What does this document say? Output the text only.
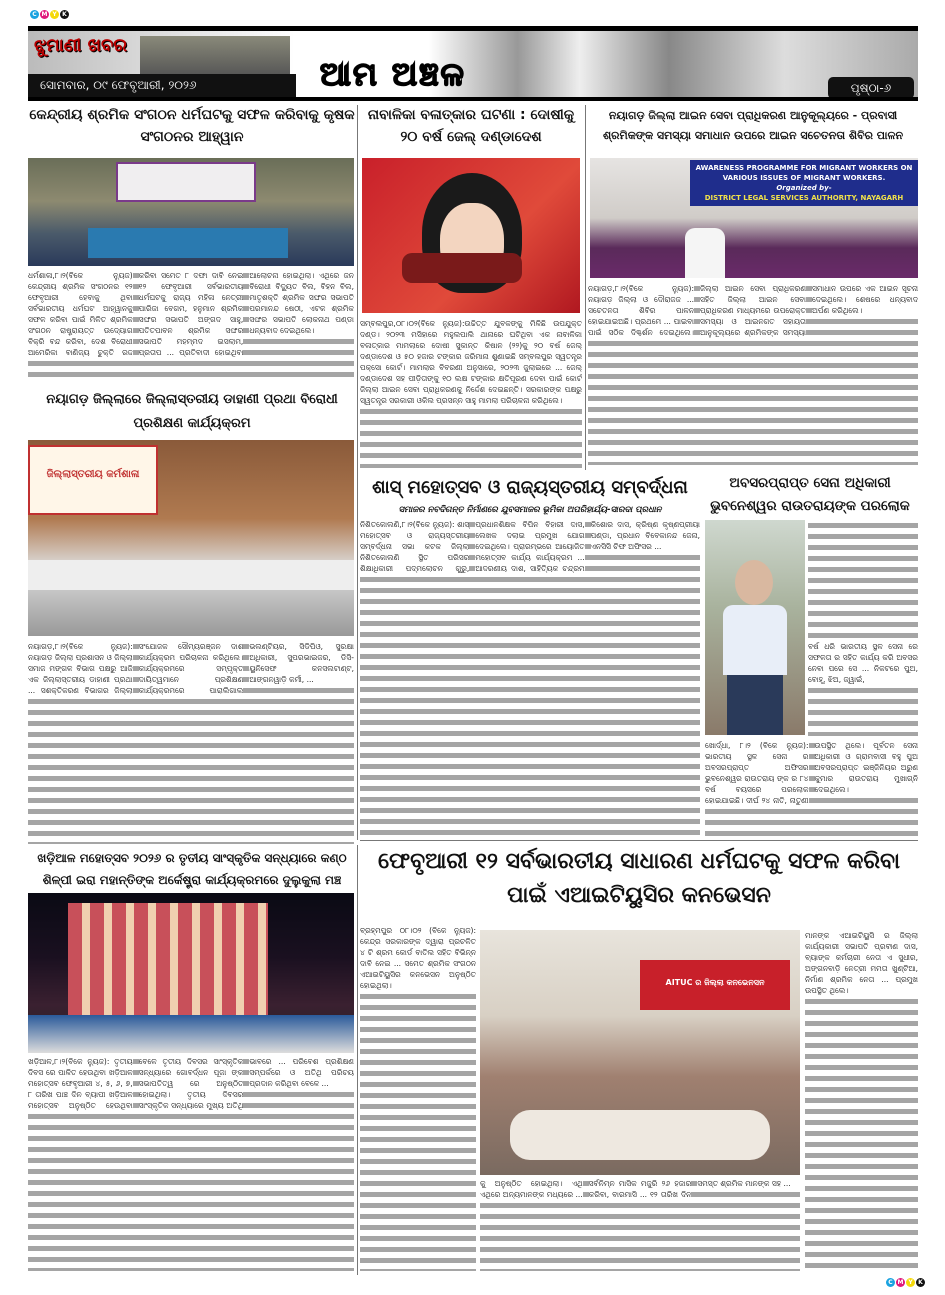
C M Y K
C M Y K
ଝୁମାଣୀ ଖବର
ସୋମବାର, ୦୯ ଫେବୃଆରୀ, ୨୦୨୬	ଆମ ଅଞ୍ଚଳ	ପୃଷ୍ଠା-୬
କେନ୍ଦ୍ରୀୟ ଶ୍ରମିକ ସଂଗଠନ ଧର୍ମଘଟକୁ ସଫଳ କରିବାକୁ କୃଷକ ସଂଗଠନର ଆହ୍ୱାନ

ଧର୍ମଶାଳା,୮।୨(ବିକେ ନ୍ୟୁଜ) କେନ୍ଦ୍ରୀୟ ଶ୍ରମିକ ସଂଗଠନର ୧୨ ଫେବୃଆରୀ ହେବାକୁ ଥିବା ସର୍ବଭାରତୀୟ ଧର୍ମଘଟ ଆହ୍ୱାନକୁ ସଫଳ କରିବା ପାଇଁ ମିଳିତ ଶ୍ରମିକ ସଂଗଠନ ରାଷ୍ଟ୍ରାୟତ୍ତ ଉଦ୍ୟୋଗ ବିକ୍ରି ବନ୍ଦ କରିବା, ଦେଶ ବିରୋଧୀ ଆମେରିକା ବାଣିଜ୍ୟ ଚୁକ୍ତି ରଦ୍ଦ କରିବା ସମେତ ୮ ଦଫା ଦାବି ନେଇ ୧୨ ଫେବୃଆରୀ ସର୍ବଭାରତୀୟ ଧର୍ମଘଟକୁ ରାଜ୍ୟ ମହିଳା ନେତ୍ରୀ ପାରିଜା ବେଗମ, ହନୁମାନ ଶ୍ରମିକ ସଙ୍ଘର ସଭାପତି ଅଙ୍ଗଦ ସାହୁ, ପତିତପାବନ ଶ୍ରମିକ ସଙ୍ଘର ସଭାପତି ମହମ୍ମଦ ଇସଲାମ, ପ୍ରତାପ ... ପ୍ରତିବାଦୀ ହୋଇଥିବା ଆଲୋଚନା ହୋଇଥିଲା। ଏଥିରେ ଜନ ବିରୋଧୀ ବିଦ୍ୟୁତ ବିଲ, ବିହନ ବିଲ, ମାତୃଶକ୍ତି ଶ୍ରମିକ ସଙ୍ଘର ସଭାପତି ପରମାନନ୍ଦ ଷେଠୀ, ଏଟକ ଶ୍ରମିକ ସଙ୍ଘର ସଭାପତି ଲୋକନାଥ ପଣ୍ଡା ଧନ୍ୟବାଦ ଦେଇଥିଲେ।

ନୟାଗଡ଼ ଜିଲ୍ଲାରେ ଜିଲ୍ଲାସ୍ତରୀୟ ଡାହାଣୀ ପ୍ରଥା ବିରୋଧୀ ପ୍ରଶିକ୍ଷଣ କାର୍ଯ୍ୟକ୍ରମ
ଜିଲ୍ଲାସ୍ତରୀୟ କର୍ମଶାଳା

ନୟାଗଡ଼,୮।୨(ବିକେ ନ୍ୟୁଜ): ନୟାଗଡ଼ ଜିଲ୍ଲା ପ୍ରଶାସନ ଓ ଜିଲ୍ଲା ସମାଜ ମଙ୍ଗଳ ବିଭାଗ ପକ୍ଷରୁ ଆଜି ଏକ ଜିଲ୍ଲାସ୍ତରୀୟ ଡାହାଣୀ ପ୍ରଥା ... ସଶକ୍ତିକରଣ ବିଭାଗର ଜିଲ୍ଲା ସଂଯୋଜକ ସୌମ୍ୟରଞ୍ଜନ ଦାଶ କାର୍ଯ୍ୟକ୍ରମ ପରିଚାଳନା କରିଥିଲେ। କାର୍ଯ୍ୟକ୍ରମରେ ସମ୍ପୃକ୍ତ ଦାୟିତ୍ୱମାନେ ପ୍ରଶିକ୍ଷଣ କାର୍ଯ୍ୟକ୍ରମରେ ପାରାଲିଗାଲ ଭଲଣ୍ଟିୟର, ସିଡିପିଓ, ସୁରକ୍ଷା ଅଧିକାରୀ, ସୁପରଭାଇଜର, ଡିସି-ୟୁନିସେଫ କନସଲଟାଣ୍ଟ, ଆଙ୍ଗନୱାଡ଼ି କର୍ମୀ, ...

ଖଡ଼ିଆଳ ମହୋତ୍ସବ ୨୦୨୬ ର ତୃତୀୟ ସାଂସ୍କୃତିକ ସନ୍ଧ୍ୟାରେ କଣ୍ଠ ଶିଳ୍ପୀ ଇରା ମହାନ୍ତିଙ୍କ ଅର୍କେଷ୍ଟ୍ରା କାର୍ଯ୍ୟକ୍ରମରେ ଦୁଲୁକୁଲା ମଞ୍ଚ

ଖଡ଼ିଆଳ,୮।୨(ବିକେ ନ୍ୟୁଜ): ତୃତୀୟ ଦିବସ ରେ ପାଳିତ ହେଉଥିବା ଖଡ଼ିଆଳ ମହୋତ୍ସବ ଫେବୃଆରୀ ୪, ୫, ୬, ୭, ୮ ତାରିଖ ପାଞ୍ଚ ଦିନ ବ୍ୟାପୀ ଖଡ଼ିଆଳ ମହୋତ୍ସବ ଅନୁଷ୍ଠିତ ହେଉଥିବା ବେଳେ ତୃତୀୟ ଦିବସର ସାଂସ୍କୃତିକ ସନ୍ଧ୍ୟାରେ ଗୋବର୍ଦ୍ଧନ ପୂଜା ଙ୍କ ସଭାପତିତ୍ୱ ରେ ଅନୁଷ୍ଠିତ ହୋଇଥିଲା। ତୃତୀୟ ଦିବସର ସାଂସ୍କୃତିକ ସନ୍ଧ୍ୟାରେ ମୁଖ୍ୟ ଅତିଥି ଭାବରେ ... ପରିବେଶ ପ୍ରଶିକ୍ଷଣ ସମ୍ପର୍କରେ ଓ ଅତିଥି ପରିଚୟ ପ୍ରଦାନ କରିଥିବା ବେଳେ ...

ନାବାଳିକା ବଳାତ୍କାର ଘଟଣା : ଦୋଷୀକୁ ୨୦ ବର୍ଷ ଜେଲ୍ ଦଣ୍ଡାଦେଶ

ସମ୍ବଲପୁର,୦୮।୦୨(ବିକେ ନ୍ୟୁଜ):ଉଚ୍ଚିତ୍ତ ଯୁବକଙ୍କୁ ମିଳିଛି ଉପଯୁକ୍ତ ଦଣ୍ଡ। ୨୦୨୩ ମସିହାରେ ମହୁଲପାଲି ଥାନାରେ ଘଟିଥିବା ଏକ ନାବାଳିକା ବଳାତ୍କାର ମାମଲାରେ ଦୋଷୀ ସୁକାନ୍ତ କିଷାନ (୨୨)କୁ ୨୦ ବର୍ଷ ଜେଲ୍ ଦଣ୍ଡାଦେଶ ଓ ୫୦ ହଜାର ଟଙ୍କାର ଜରିମାନା ଶୁଣାଇଛି ସମ୍ବଲପୁର ସ୍ୱତନ୍ତ୍ର ପକ୍ସୋ କୋର୍ଟ। ମାମଲାର ବିବରଣୀ ଅନୁସାରେ, ୨୦୨୩ ଜୁଲାଇରେ ... ଜେଲ୍ ଦଣ୍ଡାଦେଶ ସହ ପୀଡ଼ିତାଙ୍କୁ ୧୦ ଲକ୍ଷ ଟଙ୍କାର କ୍ଷତିପୂରଣ ଦେବା ପାଇଁ କୋର୍ଟ ଜିଲ୍ଲା ଆଇନ ସେବା ପ୍ରାଧିକରଣକୁ ନିର୍ଦ୍ଦେଶ ଦେଇଛନ୍ତି। ସରକାରଙ୍କ ପକ୍ଷରୁ ସ୍ୱତନ୍ତ୍ର ସରକାରୀ ଓକିଲ ପ୍ରସନ୍ନ ସାହୁ ମାମଲା ପରିଚାଳନା କରିଥିଲେ।

ନୟାଗଡ଼ ଜିଲ୍ଲା ଆଇନ ସେବା ପ୍ରାଧିକରଣ ଆନୁକୂଲ୍ୟରେ - ପ୍ରବାସୀ ଶ୍ରମିକଙ୍କ ସମସ୍ୟା ସମାଧାନ ଉପରେ ଆଇନ ସଚେତନତା ଶିବିର ପାଳନ
AWARENESS PROGRAMME FOR MIGRANT WORKERS ON
VARIOUS ISSUES OF MIGRANT WORKERS.
Organized by-
DISTRICT LEGAL SERVICES AUTHORITY, NAYAGARH

ନୟାଗଡ଼,୮।୨(ବିକେ ନ୍ୟୁଜ): ନୟାଗଡ଼ ଜିଲ୍ଲା ଓ ଦୌରାଜଜ ... ସଚେତନତା ଶିବିର ପାଳନ ହୋଇଯାଇଅଛି। ପ୍ରଥମେ ... ପାଇବା ପାଇଁ ସଠିକ ଦିଗ୍ଦର୍ଶନ ଦେଇଥିଲେ। ଜିଲ୍ଲା ଆଇନ ସେବା ପ୍ରାଧିକରଣ ସହିତ ଜିଲ୍ଲା ଆଇନ ସେବା ପ୍ରାଧିକରଣ ମାଧ୍ୟମରେ ଉପରୋକ୍ତ ସମସ୍ୟା ଓ ଆଇନଗତ ସହାୟତା ଆନୁକୂଲ୍ୟରେ ଶ୍ରମିକଙ୍କ ସମସ୍ୟା ସମାଧାନ ଉପରେ ଏକ ଆଇନ ସୂଚନା ଦେଇଥିଲେ। ଶେଷରେ ଧନ୍ୟବାଦ ଅର୍ପଣ କରିଥିଲେ।

ଶାସ୍ ମହୋତ୍ସବ ଓ ରାଜ୍ୟସ୍ତରୀୟ ସମ୍ବର୍ଦ୍ଧନା
ସମାଜର ନବଦିଗନ୍ତ ନିର୍ମାଣରେ ଯୁବସମାଜର ଭୂମିକା ଅପରିହାର୍ଯ୍ୟ-ସାରଦା ପ୍ରଧାନ

ନିଶିତକୋଲଣି,୮।୨(ବିକେ ନ୍ୟୁଜ): ଶାସ୍ ମହୋତ୍ସବ ଓ ରାଜ୍ୟସ୍ତରୀୟ ସମ୍ବର୍ଦ୍ଧନା ସଭା କଟକ ଜିଲ୍ଲା ନିଶିତକୋଲଣି ସ୍ଥିତ ପରିସର ଶିକ୍ଷାଧିକାରୀ ପଦ୍ମଲୋଚନ ଗୁରୁ, ପ୍ରଧାନଶିକ୍ଷକ ବିପିନ ବିହାରୀ ଦାସ, ଲେଖକ ଦଲାଇ ପ୍ରମୁଖ ଯୋଗ ଦେଇଥିଲେ। ପ୍ରାରମ୍ଭରେ ଆୟୋଜିତ ମହୋତ୍ସବ କାର୍ଯ୍ୟ କାର୍ଯ୍ୟକ୍ରମ ... ଆଦରଣୀୟ ଦାଶ, ସାହିତ୍ୟିକ ଚନ୍ଦ୍ରମ କିଶୋର ଦାସ, କ୍ରିଷ୍ଣ କୃଷ୍ଣପ୍ରୀୟା ପଣ୍ଡା, ପ୍ରଧାନ ବିବେକାନନ୍ଦ ଜେନା, ଏନସିସି ଚିଫ ଅଫିସର ...

ଅବସରପ୍ରାପ୍ତ ସେନା ଅଧିକାରୀ ଭୁବନେଶ୍ୱର ରାଉତରାୟଙ୍କ ପରଲୋକ

ବର୍ଷ ଧରି ଭାରତୀୟ ସ୍ଥଳ ସେନା ରେ ସଫଳତା ର ସହିତ କାର୍ଯ୍ୟ କରି ଅବସର ନେବା ପରେ ସେ ... ନିକଟରେ ପୁଅ, ବୋହୂ, ଝିଅ, ଜ୍ୱାଇଁ,

ଖୋର୍ଦ୍ଧା, ୮।୨ (ବିକେ ନ୍ୟୁଜ): ଭାରତୀୟ ସ୍ଥଳ ସେନା ର ଅବସରପ୍ରାପ୍ତ ଅଫିସର ଭୁବନେଶ୍ୱର ରାଉତରାୟ ଙ୍କ ର ୮୪ ବର୍ଷ ବୟସରେ ପରଲୋକ ହୋଇଯାଇଛି। ଦୀର୍ଘ ୨୪ ନାତି, ନାତୁଣୀ ଉପସ୍ଥିତ ଥିଲେ। ପୂର୍ବତନ ସେନା ଅଧିକାରୀ ଓ ଗ୍ରାମବାସୀ ବହୁ ପୁଅ ଅବସରପ୍ରାପ୍ତ ଇଞ୍ଜିନିୟର ଅରୁଣ କୁମାର ରାଉତରାୟ ମୁଖାଗ୍ନି ଦେଇଥିଲେ।

ଫେବୃଆରୀ ୧୨ ସର୍ବଭାରତୀୟ ସାଧାରଣ ଧର୍ମଘଟକୁ ସଫଳ କରିବା ପାଇଁ ଏଆଇଟିୟୁସିର କନଭେସନ

ବ୍ରହ୍ମପୁର ୦୮।୦୨ (ବିକେ ନ୍ୟୁଜ): କେନ୍ଦ୍ର ସରକାରଙ୍କ ଦ୍ୱାରା ପ୍ରଚଳିତ ୪ ଟି ଶ୍ରମ କୋର୍ଡ ବାତିଲ ସହିତ ବିଭିନ୍ନ ଦାବି ନେଇ ... ସମେତ ଶ୍ରମିକ ସଂଗଠନ ଏଆଇଟିୟୁସିର କନଭେସନ ଅନୁଷ୍ଠିତ ହୋଇଥିଲା।	AITUC ର ଜିଲ୍ଲା କନଭେନସନ

କୁ ଅନୁଷ୍ଠିତ ହୋଇଥିଲା। ଏଥି ଏଥିରେ ଅନ୍ୟମାନଙ୍କ ମଧ୍ୟରେ ... ସର୍ବନିମ୍ନ ମାସିକ ମଜୁରି ୨୬ ହଜାର କରିବା, ବାରମାସି ... ୧୨ ତାରିଖ ଦିନ ସମସ୍ତ ଶ୍ରମିକ ମାନଙ୍କ ସହ ...

ମାନଙ୍କ ଏଆଇଟିୟୁସି ର ଜିଲ୍ଲା କାର୍ଯ୍ୟକାରୀ ସଭାପତି ପ୍ରବୀଣ ଦାସ, ବ୍ୟାଙ୍କ କର୍ମଚାରୀ ନେତା ଏ ସୁଧୀର, ଅଙ୍ଗନବାଡ଼ି ନେତ୍ରୀ ମମତା ଖୁଣ୍ଟିଆ, ନିର୍ମାଣ ଶ୍ରମିକ ନେତା ... ପ୍ରମୁଖ ଉପସ୍ଥିତ ଥିଲେ।
